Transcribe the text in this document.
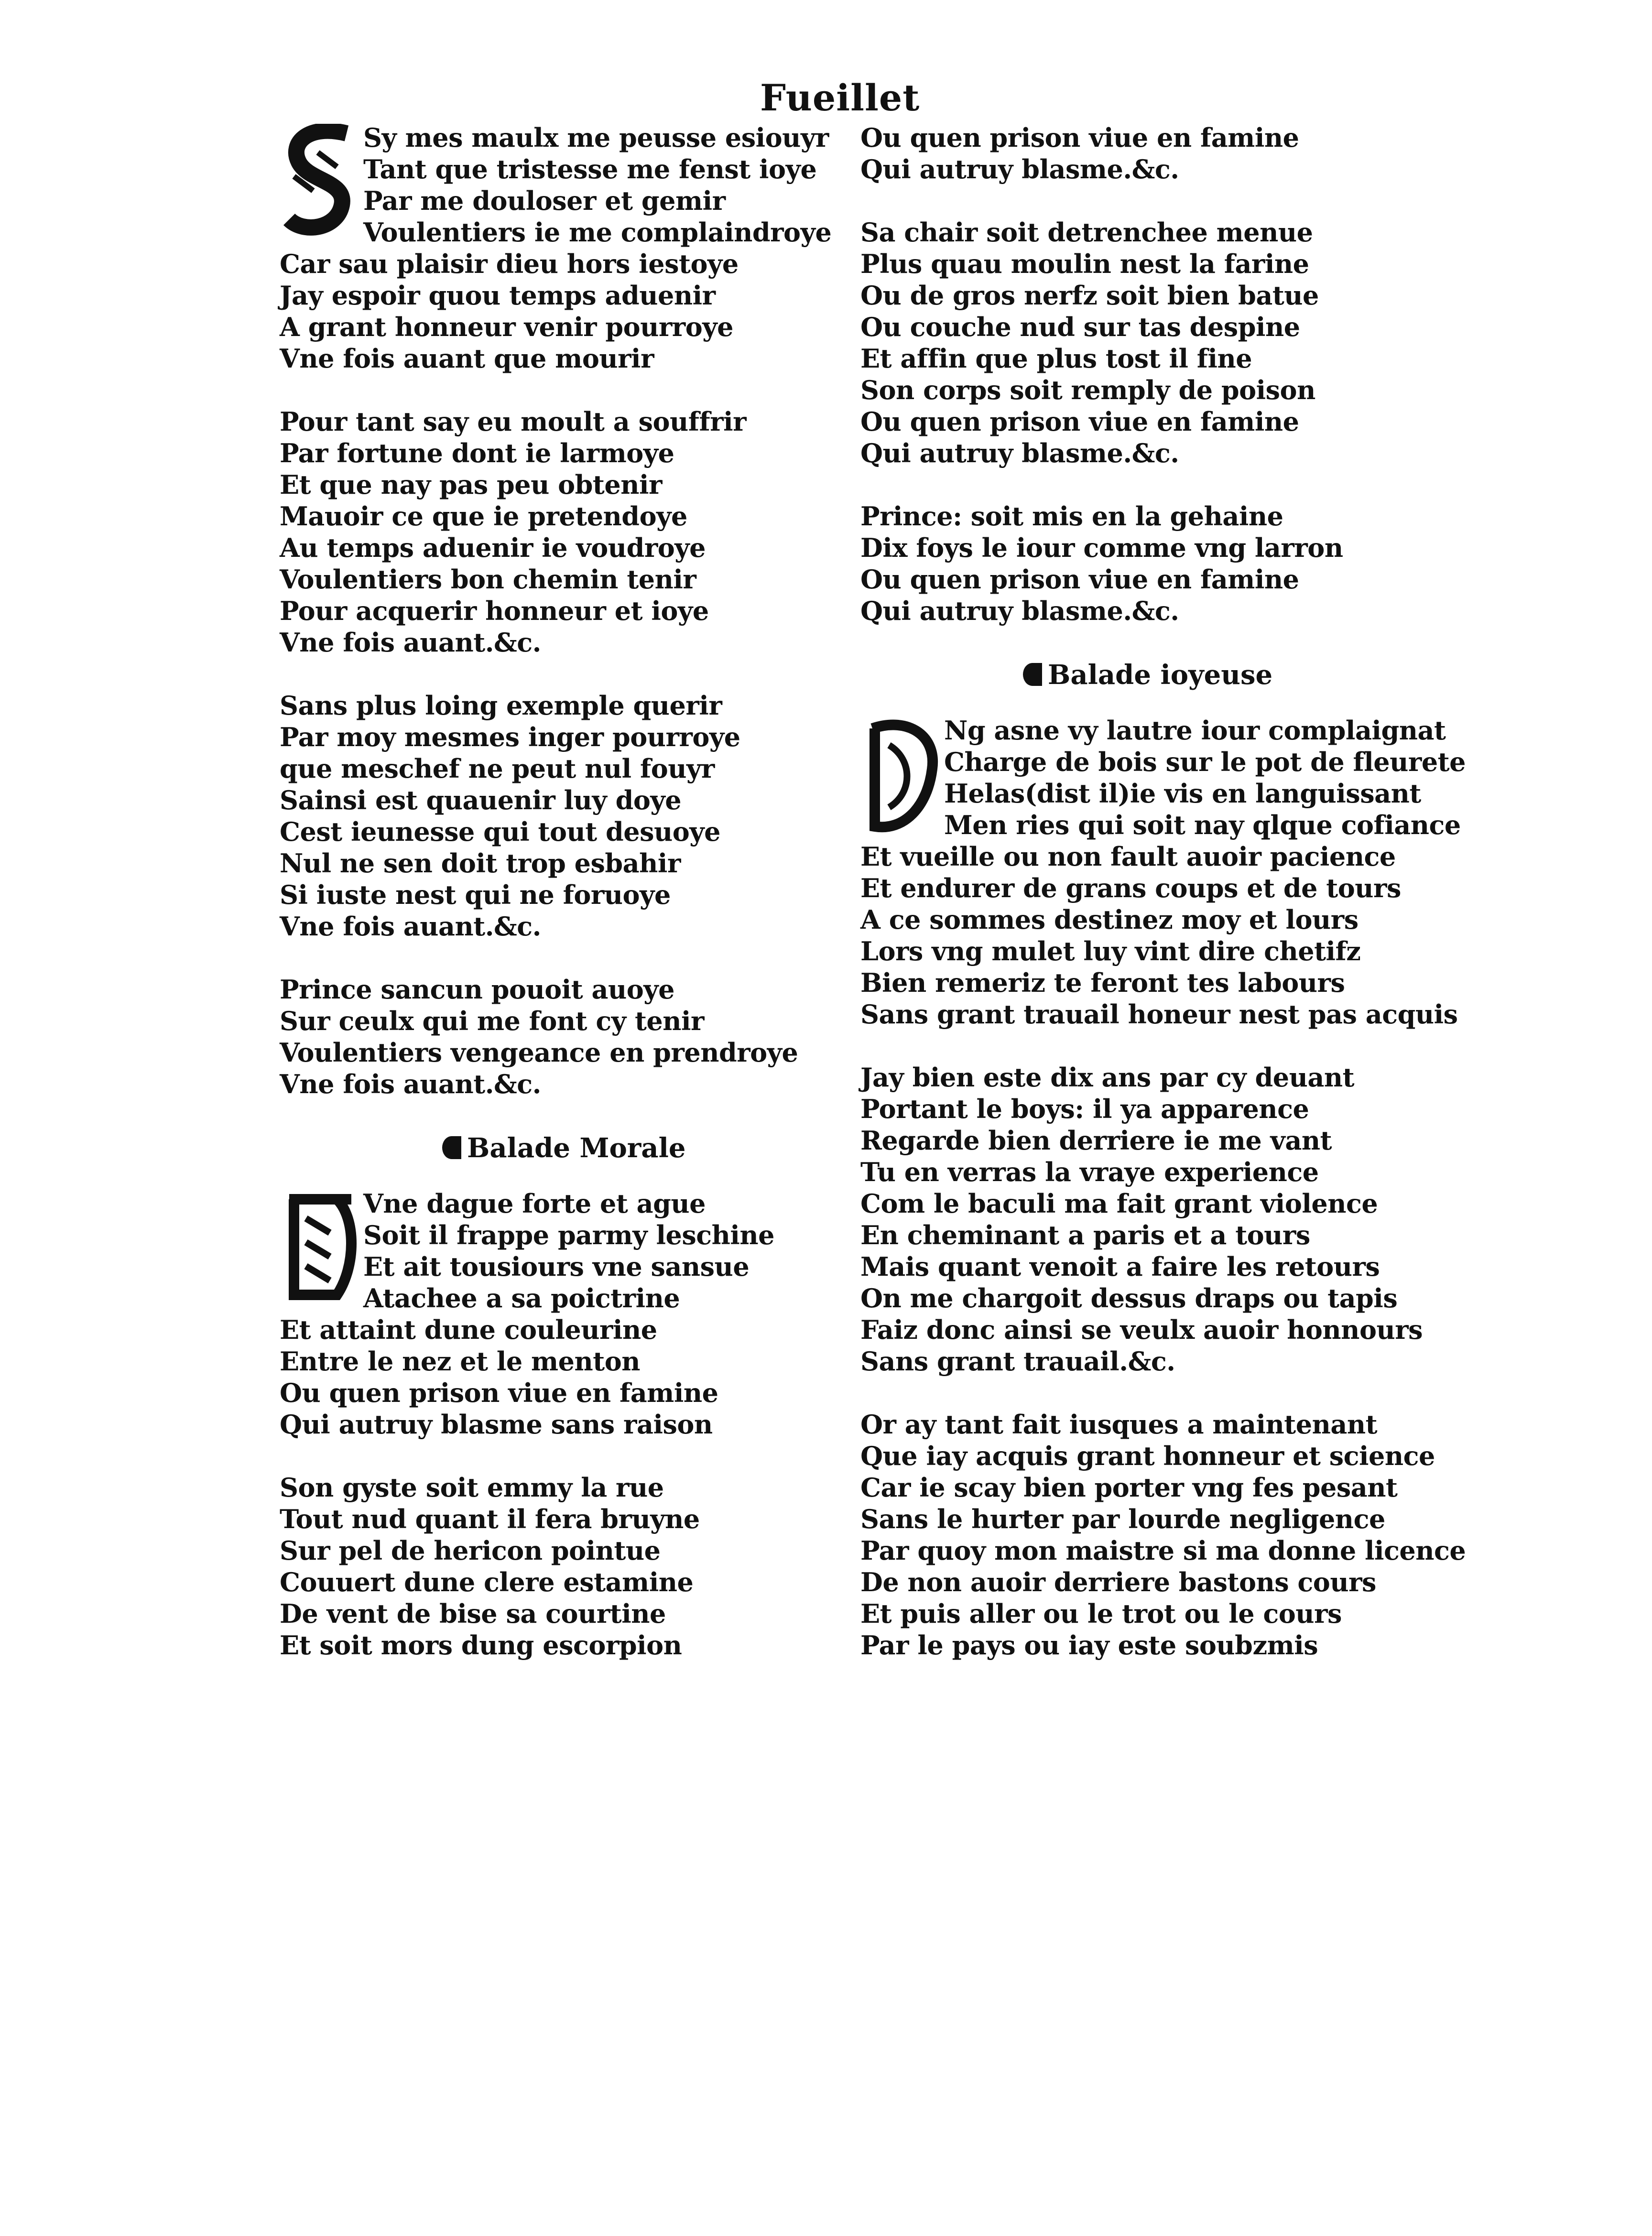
Fueillet
Sy mes maulx me peusse esiouyr
Tant que tristesse me fenst ioye
Par me douloser et gemir
Voulentiers ie me complaindroye
Car sau plaisir dieu hors iestoye
Jay espoir quou temps aduenir
A grant honneur venir pourroye
Vne fois auant que mourir
Pour tant say eu moult a souffrir
Par fortune dont ie larmoye
Et que nay pas peu obtenir
Mauoir ce que ie pretendoye
Au temps aduenir ie voudroye
Voulentiers bon chemin tenir
Pour acquerir honneur et ioye
Vne fois auant.&c.
Sans plus loing exemple querir
Par moy mesmes inger pourroye
que meschef ne peut nul fouyr
Sainsi est quauenir luy doye
Cest ieunesse qui tout desuoye
Nul ne sen doit trop esbahir
Si iuste nest qui ne foruoye
Vne fois auant.&c.
Prince sancun pouoit auoye
Sur ceulx qui me font cy tenir
Voulentiers vengeance en prendroye
Vne fois auant.&c.
Balade Morale
Vne dague forte et ague
Soit il frappe parmy leschine
Et ait tousiours vne sansue
Atachee a sa poictrine
Et attaint dune couleurine
Entre le nez et le menton
Ou quen prison viue en famine
Qui autruy blasme sans raison
Son gyste soit emmy la rue
Tout nud quant il fera bruyne
Sur pel de hericon pointue
Couuert dune clere estamine
De vent de bise sa courtine
Et soit mors dung escorpion
Ou quen prison viue en famine
Qui autruy blasme.&c.
Sa chair soit detrenchee menue
Plus quau moulin nest la farine
Ou de gros nerfz soit bien batue
Ou couche nud sur tas despine
Et affin que plus tost il fine
Son corps soit remply de poison
Ou quen prison viue en famine
Qui autruy blasme.&c.
Prince: soit mis en la gehaine
Dix foys le iour comme vng larron
Ou quen prison viue en famine
Qui autruy blasme.&c.
Balade ioyeuse
Ng asne vy lautre iour complaignat
Charge de bois sur le pot de fleurete
Helas(dist il)ie vis en languissant
Men ries qui soit nay qlque cofiance
Et vueille ou non fault auoir pacience
Et endurer de grans coups et de tours
A ce sommes destinez moy et lours
Lors vng mulet luy vint dire chetifz
Bien remeriz te feront tes labours
Sans grant trauail honeur nest pas acquis
Jay bien este dix ans par cy deuant
Portant le boys: il ya apparence
Regarde bien derriere ie me vant
Tu en verras la vraye experience
Com le baculi ma fait grant violence
En cheminant a paris et a tours
Mais quant venoit a faire les retours
On me chargoit dessus draps ou tapis
Faiz donc ainsi se veulx auoir honnours
Sans grant trauail.&c.
Or ay tant fait iusques a maintenant
Que iay acquis grant honneur et science
Car ie scay bien porter vng fes pesant
Sans le hurter par lourde negligence
Par quoy mon maistre si ma donne licence
De non auoir derriere bastons cours
Et puis aller ou le trot ou le cours
Par le pays ou iay este soubzmis
